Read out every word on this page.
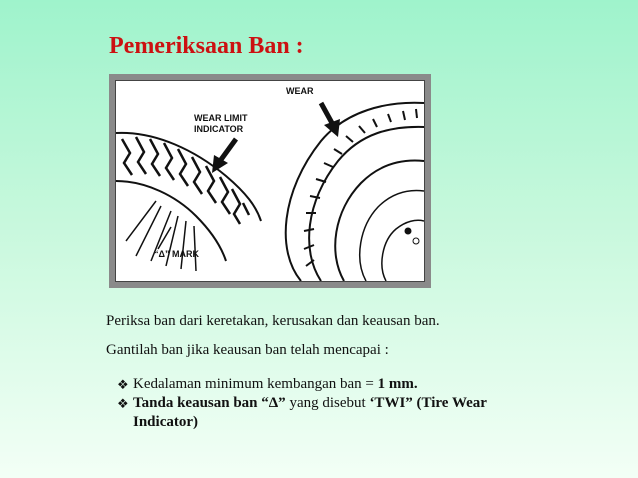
Pemeriksaan Ban :
WEAR LIMIT
INDICATOR
“Δ” MARK
WEAR
Periksa ban dari keretakan, kerusakan dan keausan ban.
Gantilah ban jika keausan ban telah mencapai :
❖ Kedalaman minimum kembangan ban = 1 mm.
❖ Tanda keausan ban “Δ” yang disebut ‘TWI” (Tire Wear
Indicator)
